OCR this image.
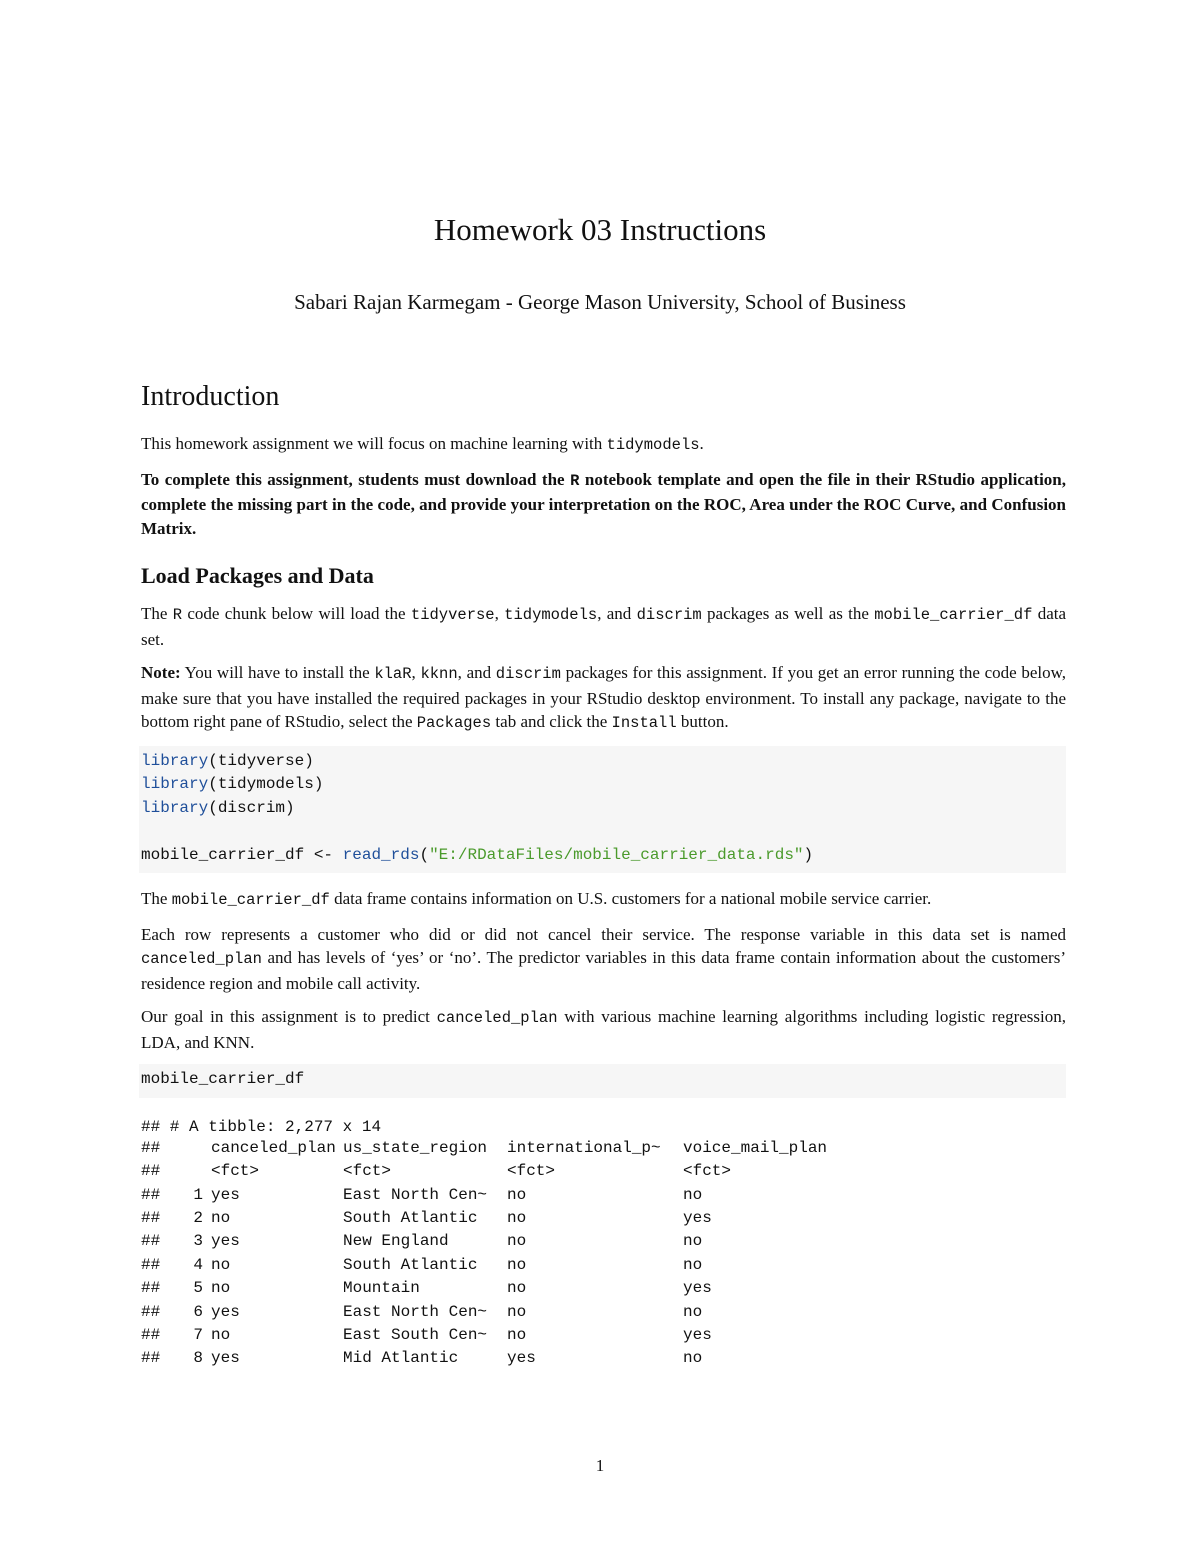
Homework 03 Instructions
Sabari Rajan Karmegam - George Mason University, School of Business
Introduction

This homework assignment we will focus on machine learning with tidymodels.

To complete this assignment, students must download the R notebook template and open the file in their RStudio application, complete the missing part in the code, and provide your interpretation on the ROC, Area under the ROC Curve, and Confusion Matrix.

Load Packages and Data

The R code chunk below will load the tidyverse, tidymodels, and discrim packages as well as the mobile_carrier_df data set.

Note: You will have to install the klaR, kknn, and discrim packages for this assignment. If you get an error running the code below, make sure that you have installed the required packages in your RStudio desktop environment. To install any package, navigate to the bottom right pane of RStudio, select the Packages tab and click the Install button.

library(tidyverse)
library(tidymodels)
library(discrim)

mobile_carrier_df <- read_rds("E:/RDataFiles/mobile_carrier_data.rds")

The mobile_carrier_df data frame contains information on U.S. customers for a national mobile service carrier.

Each row represents a customer who did or did not cancel their service. The response variable in this data set is named canceled_plan and has levels of ‘yes’ or ‘no’. The predictor variables in this data frame contain information about the customers’ residence region and mobile call activity.

Our goal in this assignment is to predict canceled_plan with various machine learning algorithms including logistic regression, LDA, and KNN.

mobile_carrier_df
## # A tibble: 2,277 x 14
##		canceled_plan	us_state_region	international_p~	voice_mail_plan
##		<fct>	<fct>	<fct>	<fct>
##	1	yes	East North Cen~	no	no
##	2	no	South Atlantic	no	yes
##	3	yes	New England	no	no
##	4	no	South Atlantic	no	no
##	5	no	Mountain	no	yes
##	6	yes	East North Cen~	no	no
##	7	no	East South Cen~	no	yes
##	8	yes	Mid Atlantic	yes	no
1
